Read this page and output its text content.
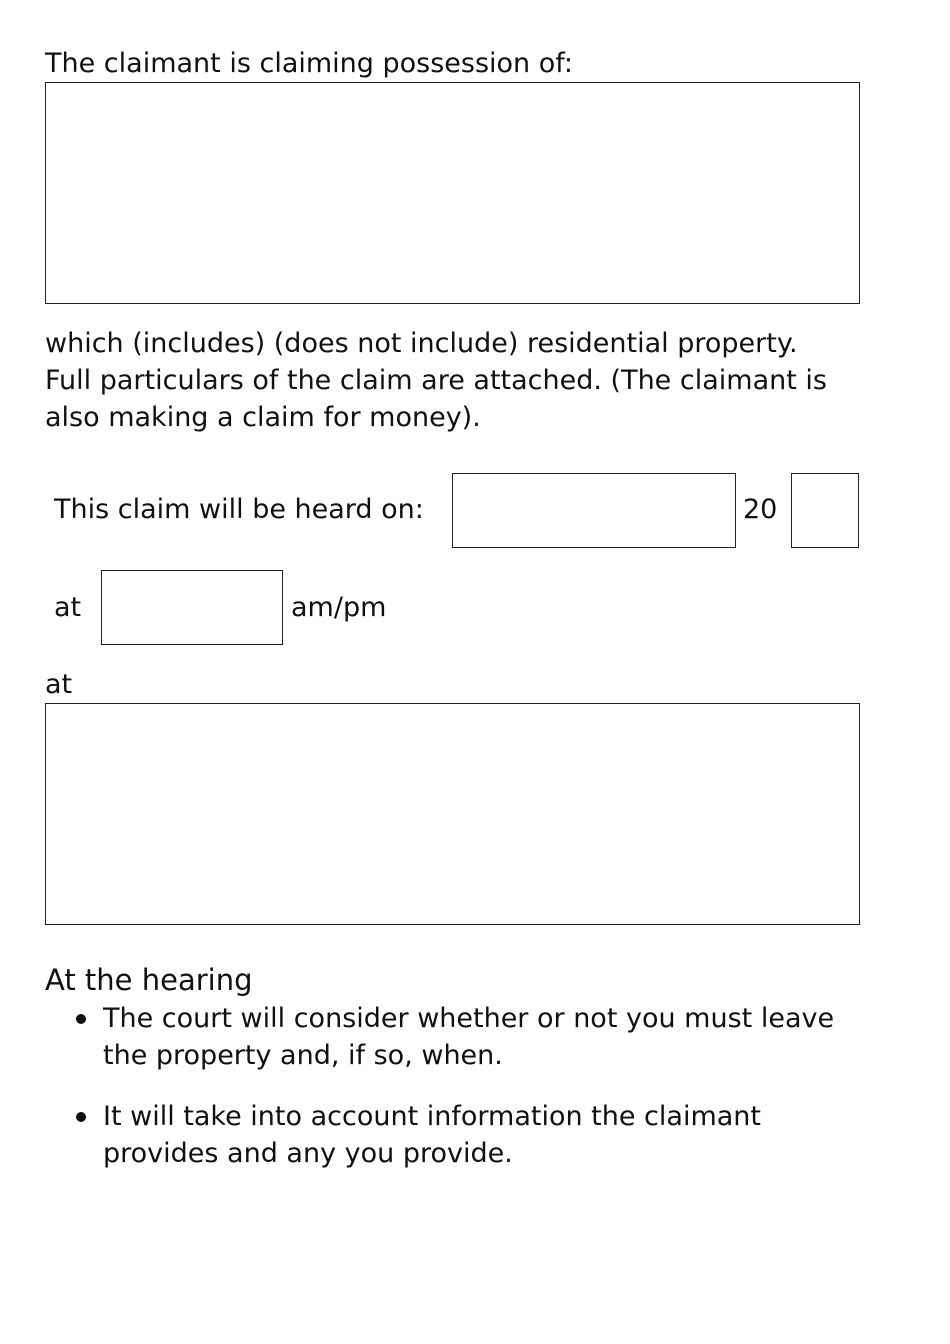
The claimant is claiming possession of:
which (includes) (does not include) residential property.
Full particulars of the claim are attached. (The claimant is
also making a claim for money).
This claim will be heard on:	20
at	am/pm
at
At the hearing
The court will consider whether or not you must leave
the property and, if so, when.
It will take into account information the claimant
provides and any you provide.
